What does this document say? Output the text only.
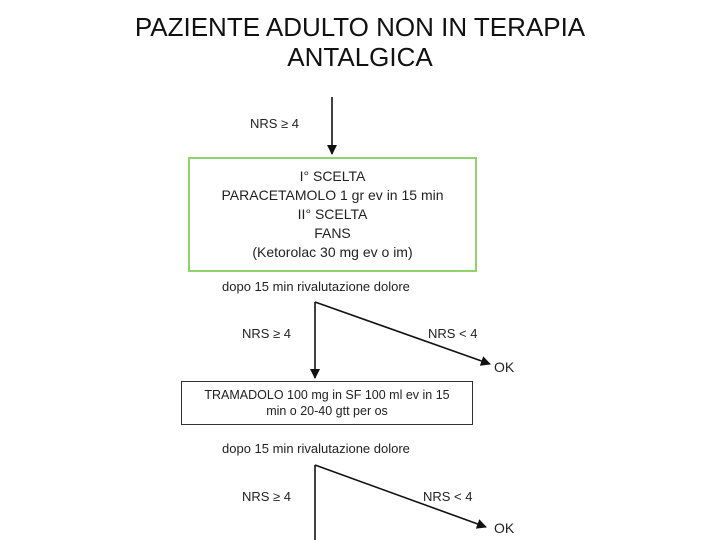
PAZIENTE ADULTO NON IN TERAPIA
ANTALGICA
NRS ≥ 4
I° SCELTA
PARACETAMOLO 1 gr ev in 15 min
II° SCELTA
FANS
(Ketorolac 30 mg ev o im)
dopo 15 min rivalutazione dolore
NRS ≥ 4	NRS < 4
OK
TRAMADOLO 100 mg in SF 100 ml ev in 15
min o 20-40 gtt per os
dopo 15 min rivalutazione dolore
NRS ≥ 4	NRS < 4
OK
